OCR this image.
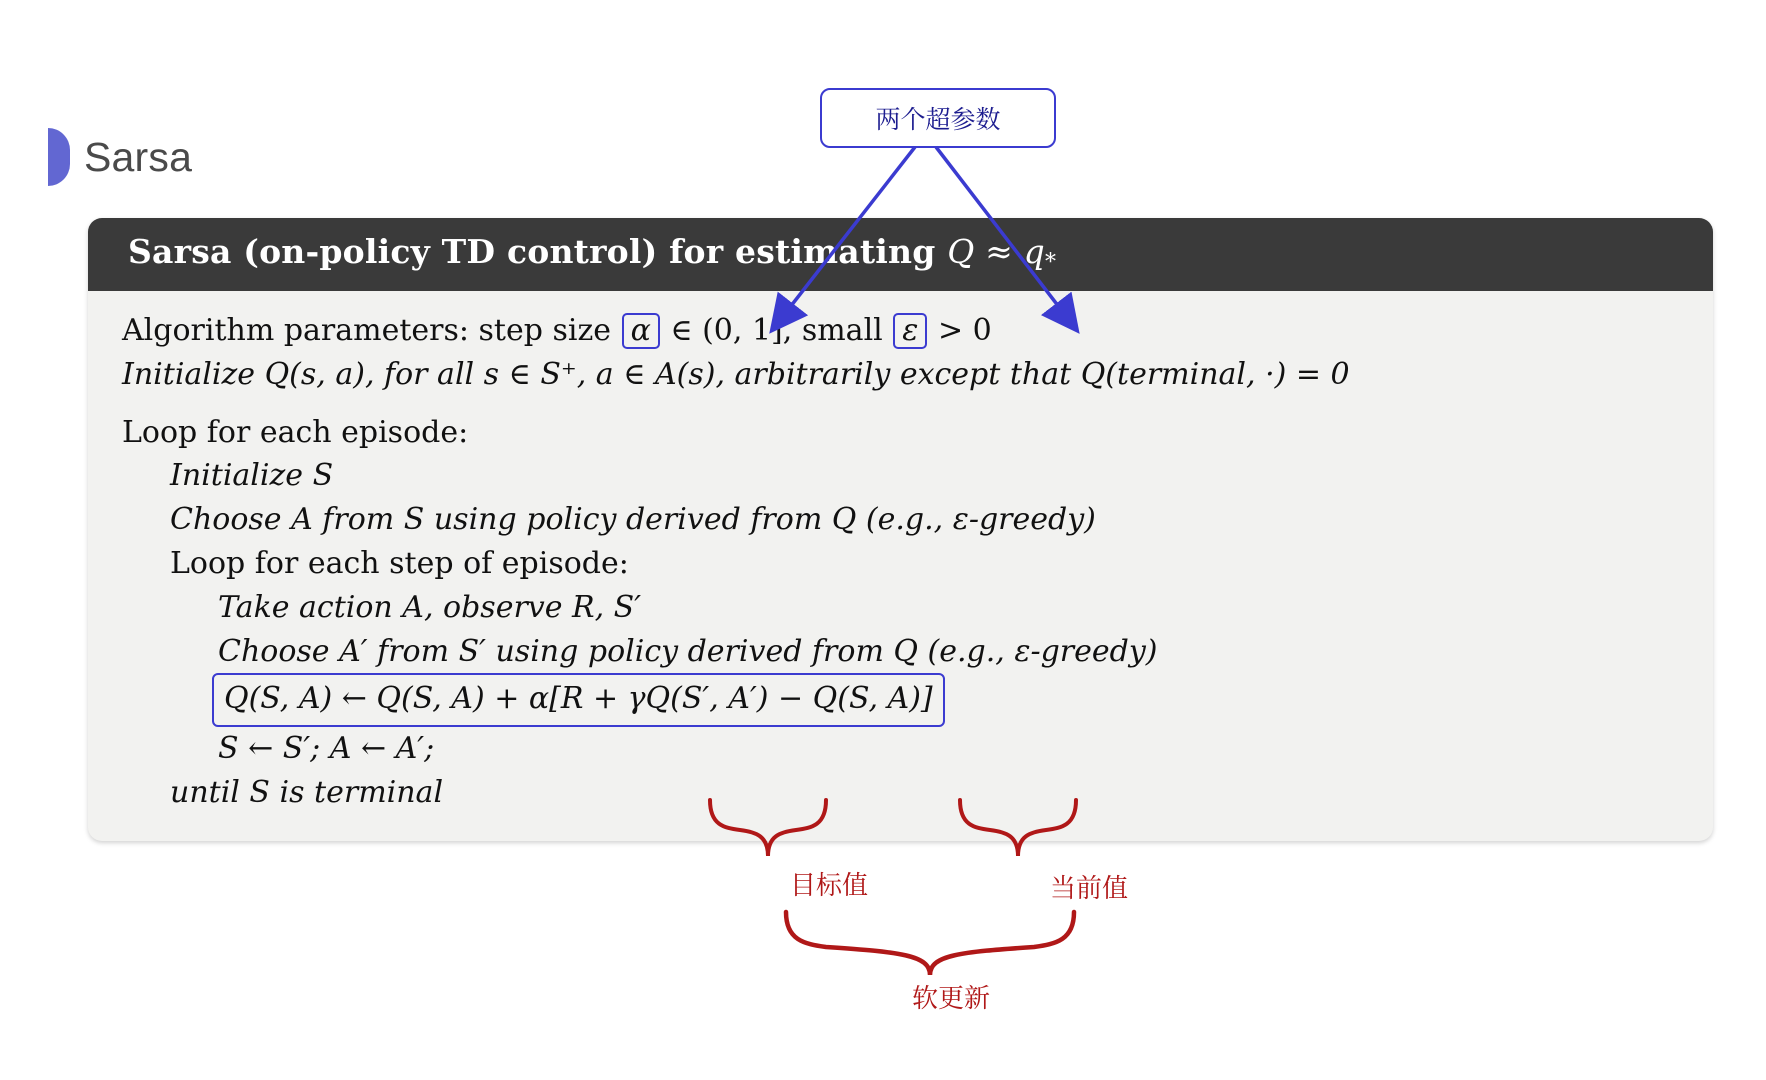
Sarsa
两个超参数
Sarsa (on-policy TD control) for estimating Q ≈ q*
Algorithm parameters: step size α ∈ (0, 1], small ε > 0
Initialize Q(s, a), for all s ∈ S⁺, a ∈ A(s), arbitrarily except that Q(terminal, ·) = 0
Loop for each episode:
Initialize S
Choose A from S using policy derived from Q (e.g., ε-greedy)
Loop for each step of episode:
Take action A, observe R, S′
Choose A′ from S′ using policy derived from Q (e.g., ε-greedy)
Q(S, A) ← Q(S, A) + α[R + γQ(S′, A′) − Q(S, A)]
S ← S′; A ← A′;
until S is terminal
目标值	当前值
软更新
